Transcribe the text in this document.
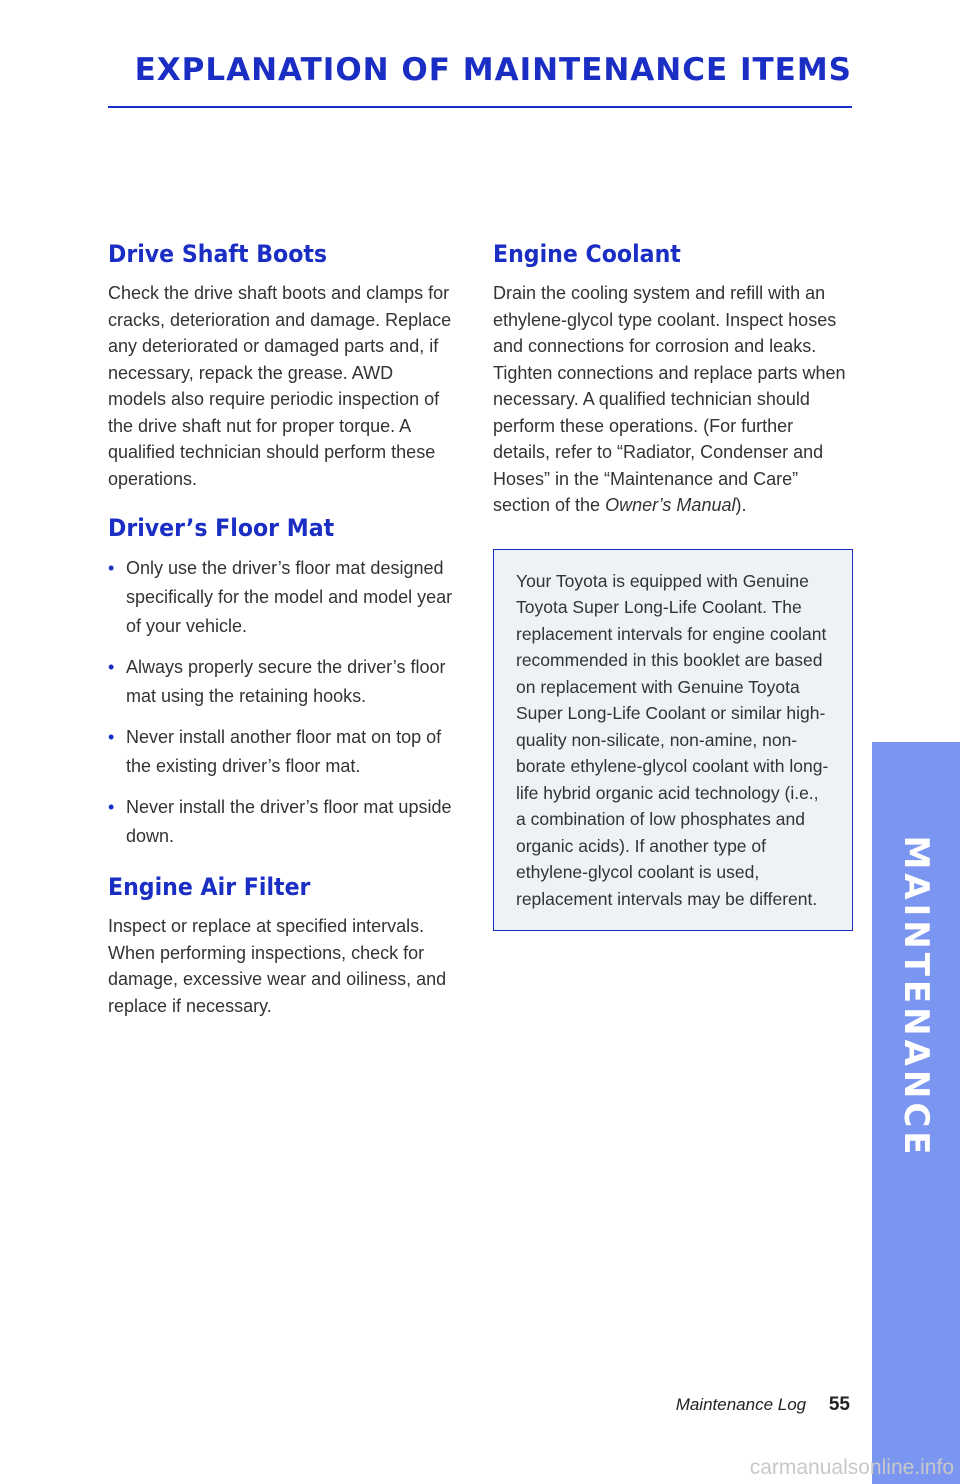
EXPLANATION OF MAINTENANCE ITEMS
Drive Shaft Boots

Check the drive shaft boots and clamps for cracks, deterioration and damage. Replace any deteriorated or damaged parts and, if necessary, repack the grease. AWD models also require periodic inspection of the drive shaft nut for proper torque. A qualified technician should perform these operations.

Driver’s Floor Mat
• Only use the driver’s floor mat designed specifically for the model and model year of your vehicle.
• Always properly secure the driver’s floor mat using the retaining hooks.
• Never install another floor mat on top of the existing driver’s floor mat.
• Never install the driver’s floor mat upside down.
Engine Air Filter

Inspect or replace at specified intervals. When performing inspections, check for damage, excessive wear and oiliness, and replace if necessary.

Engine Coolant

Drain the cooling system and refill with an ethylene-glycol type coolant. Inspect hoses and connections for corrosion and leaks. Tighten connections and replace parts when necessary. A qualified technician should perform these operations. (For further details, refer to “Radiator, Condenser and Hoses” in the “Maintenance and Care” section of the Owner’s Manual).

Your Toyota is equipped with Genuine Toyota Super Long-Life Coolant. The replacement intervals for engine coolant recommended in this booklet are based on replacement with Genuine Toyota Super Long-Life Coolant or similar high-quality non-silicate, non-amine, non-borate ethylene-glycol coolant with long-life hybrid organic acid technology (i.e., a combination of low phosphates and organic acids). If another type of ethylene-glycol coolant is used, replacement intervals may be different.	MAINTENANCE
Maintenance Log 55
carmanualsonline.info
